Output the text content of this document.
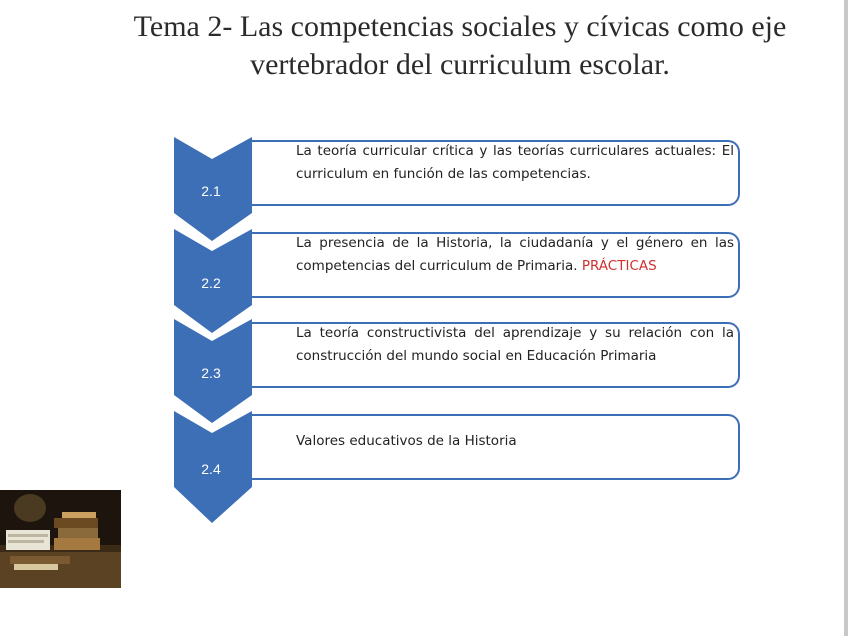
Tema 2- Las competencias sociales y cívicas como eje
vertebrador del curriculum escolar.
La teoría curricular crítica y las teorías curriculares actuales: El curriculum en función de las competencias.
2.1
La presencia de la Historia, la ciudadanía y el género en las competencias del curriculum de Primaria. PRÁCTICAS
2.2
La teoría constructivista del aprendizaje y su relación con la construcción del mundo social en Educación Primaria
2.3
Valores educativos de la Historia
2.4
